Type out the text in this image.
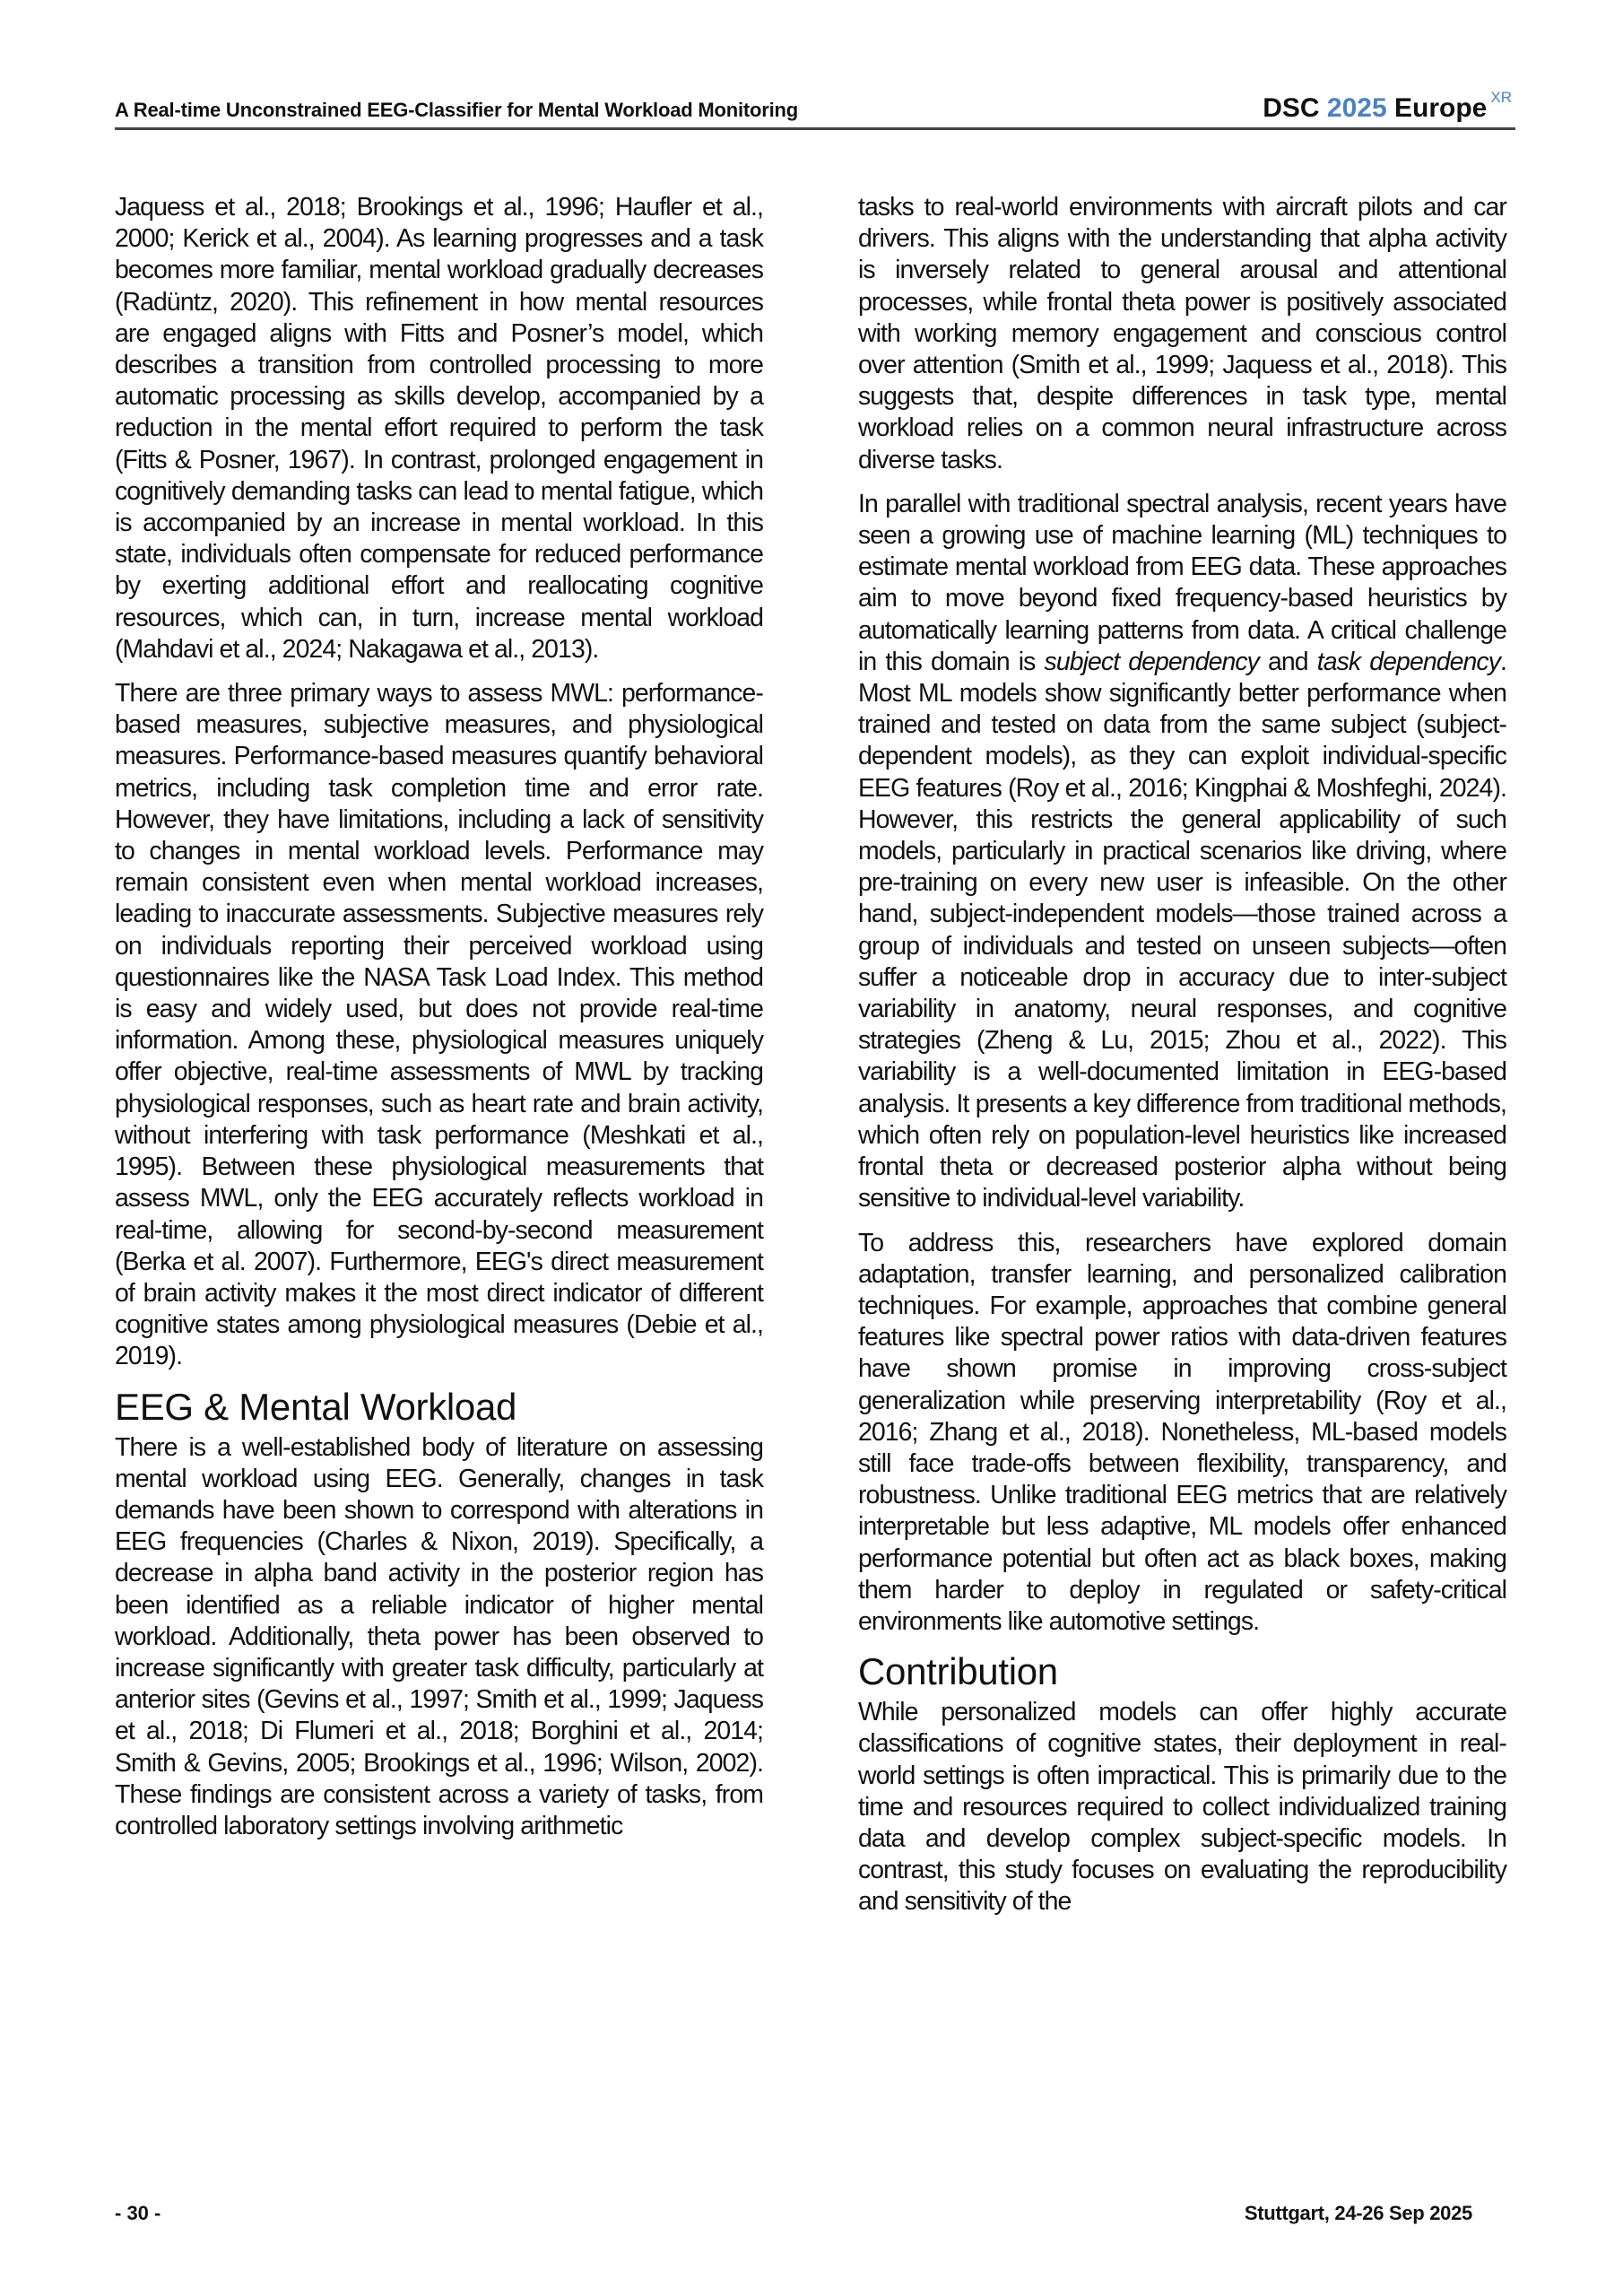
A Real-time Unconstrained EEG-Classifier for Mental Workload Monitoring	DSC 2025 Europe $^{XR}$

Jaquess et al., 2018; Brookings et al., 1996; Haufler et al., 2000; Kerick et al., 2004). As learning progresses and a task becomes more familiar, mental workload gradually decreases (Radüntz, 2020). This refinement in how mental resources are engaged aligns with Fitts and Posner’s model, which describes a transition from controlled processing to more automatic processing as skills develop, accompanied by a reduction in the mental effort required to perform the task (Fitts & Posner, 1967). In contrast, prolonged engagement in cognitively demanding tasks can lead to mental fatigue, which is accompanied by an increase in mental workload. In this state, individuals often compensate for reduced performance by exerting additional effort and reallocating cognitive resources, which can, in turn, increase mental workload (Mahdavi et al., 2024; Nakagawa et al., 2013).

There are three primary ways to assess MWL: performance-based measures, subjective measures, and physiological measures. Performance-based measures quantify behavioral metrics, including task completion time and error rate. However, they have limitations, including a lack of sensitivity to changes in mental workload levels. Performance may remain consistent even when mental workload increases, leading to inaccurate assessments. Subjective measures rely on individuals reporting their perceived workload using questionnaires like the NASA Task Load Index. This method is easy and widely used, but does not provide real-time information. Among these, physiological measures uniquely offer objective, real-time assessments of MWL by tracking physiological responses, such as heart rate and brain activity, without interfering with task performance (Meshkati et al., 1995). Between these physiological measurements that assess MWL, only the EEG accurately reflects workload in real-time, allowing for second-by-second measurement (Berka et al. 2007). Furthermore, EEG's direct measurement of brain activity makes it the most direct indicator of different cognitive states among physiological measures (Debie et al., 2019).

EEG & Mental Workload

There is a well-established body of literature on assessing mental workload using EEG. Generally, changes in task demands have been shown to correspond with alterations in EEG frequencies (Charles & Nixon, 2019). Specifically, a decrease in alpha band activity in the posterior region has been identified as a reliable indicator of higher mental workload. Additionally, theta power has been observed to increase significantly with greater task difficulty, particularly at anterior sites (Gevins et al., 1997; Smith et al., 1999; Jaquess et al., 2018; Di Flumeri et al., 2018; Borghini et al., 2014; Smith & Gevins, 2005; Brookings et al., 1996; Wilson, 2002). These findings are consistent across a variety of tasks, from controlled laboratory settings involving arithmetic

tasks to real-world environments with aircraft pilots and car drivers. This aligns with the understanding that alpha activity is inversely related to general arousal and attentional processes, while frontal theta power is positively associated with working memory engagement and conscious control over attention (Smith et al., 1999; Jaquess et al., 2018). This suggests that, despite differences in task type, mental workload relies on a common neural infrastructure across diverse tasks.

In parallel with traditional spectral analysis, recent years have seen a growing use of machine learning (ML) techniques to estimate mental workload from EEG data. These approaches aim to move beyond fixed frequency-based heuristics by automatically learning patterns from data. A critical challenge in this domain is subject dependency and task dependency. Most ML models show significantly better performance when trained and tested on data from the same subject (subject-dependent models), as they can exploit individual-specific EEG features (Roy et al., 2016; Kingphai & Moshfeghi, 2024). However, this restricts the general applicability of such models, particularly in practical scenarios like driving, where pre-training on every new user is infeasible. On the other hand, subject-independent models—those trained across a group of individuals and tested on unseen subjects—often suffer a noticeable drop in accuracy due to inter-subject variability in anatomy, neural responses, and cognitive strategies (Zheng & Lu, 2015; Zhou et al., 2022). This variability is a well-documented limitation in EEG-based analysis. It presents a key difference from traditional methods, which often rely on population-level heuristics like increased frontal theta or decreased posterior alpha without being sensitive to individual-level variability.

To address this, researchers have explored domain adaptation, transfer learning, and personalized calibration techniques. For example, approaches that combine general features like spectral power ratios with data-driven features have shown promise in improving cross-subject generalization while preserving interpretability (Roy et al., 2016; Zhang et al., 2018). Nonetheless, ML-based models still face trade-offs between flexibility, transparency, and robustness. Unlike traditional EEG metrics that are relatively interpretable but less adaptive, ML models offer enhanced performance potential but often act as black boxes, making them harder to deploy in regulated or safety-critical environments like automotive settings.

Contribution

While personalized models can offer highly accurate classifications of cognitive states, their deployment in real-world settings is often impractical. This is primarily due to the time and resources required to collect individualized training data and develop complex subject-specific models. In contrast, this study focuses on evaluating the reproducibility and sensitivity of the

- 30 -	Stuttgart, 24-26 Sep 2025
